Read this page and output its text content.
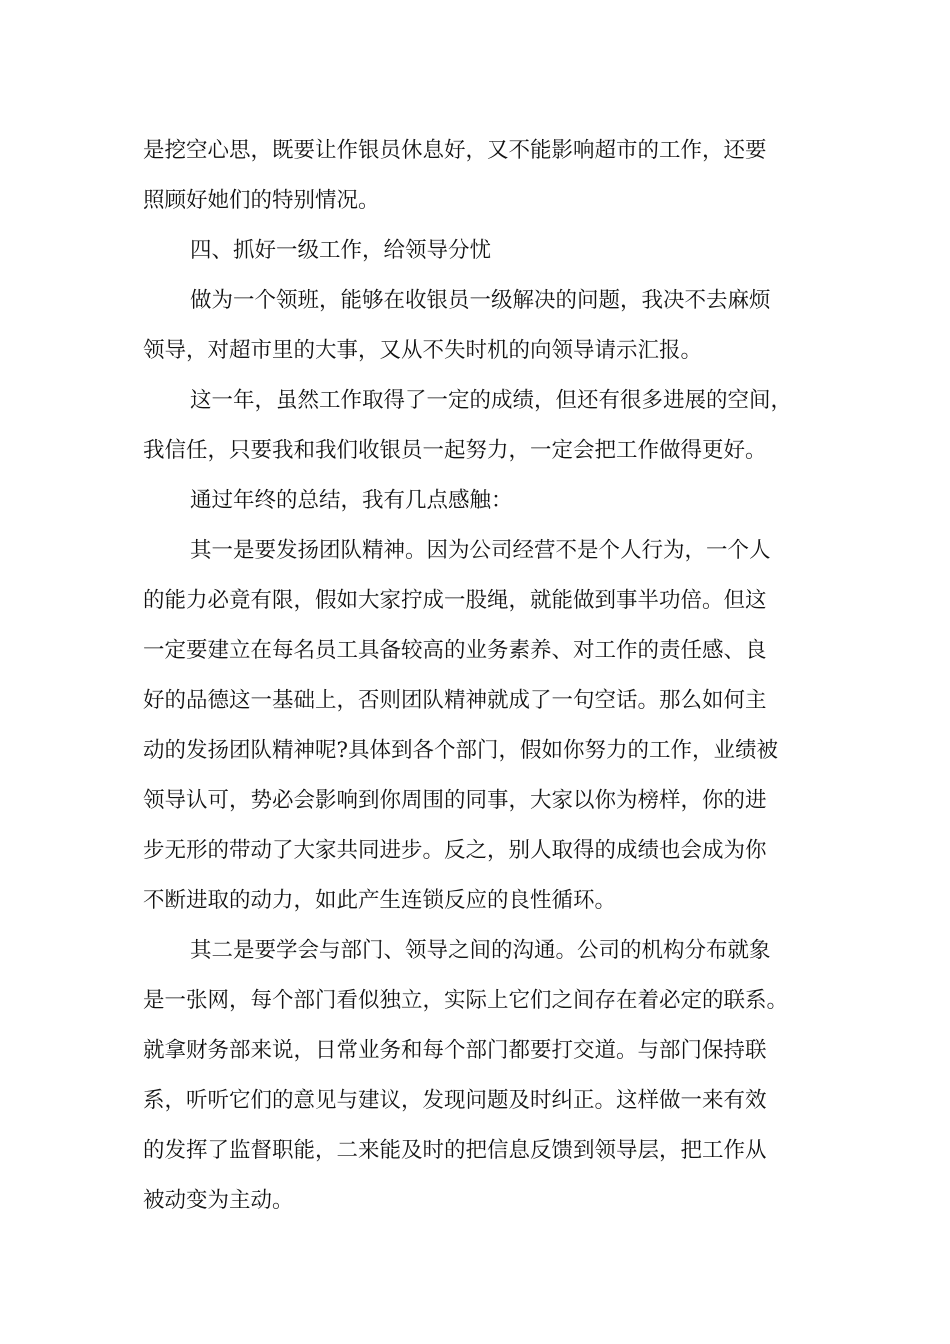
是挖空心思，既要让作银员休息好，又不能影响超市的工作，还要
照顾好她们的特别情况。
四、抓好一级工作，给领导分忧
做为一个领班，能够在收银员一级解决的问题，我决不去麻烦
领导，对超市里的大事，又从不失时机的向领导请示汇报。
这一年，虽然工作取得了一定的成绩，但还有很多进展的空间，
我信任，只要我和我们收银员一起努力，一定会把工作做得更好。
通过年终的总结，我有几点感触：
其一是要发扬团队精神。因为公司经营不是个人行为，一个人
的能力必竟有限，假如大家拧成一股绳，就能做到事半功倍。但这
一定要建立在每名员工具备较高的业务素养、对工作的责任感、良
好的品德这一基础上，否则团队精神就成了一句空话。那么如何主
动的发扬团队精神呢?具体到各个部门，假如你努力的工作，业绩被
领导认可，势必会影响到你周围的同事，大家以你为榜样，你的进
步无形的带动了大家共同进步。反之，别人取得的成绩也会成为你
不断进取的动力，如此产生连锁反应的良性循环。
其二是要学会与部门、领导之间的沟通。公司的机构分布就象
是一张网，每个部门看似独立，实际上它们之间存在着必定的联系。
就拿财务部来说，日常业务和每个部门都要打交道。与部门保持联
系，听听它们的意见与建议，发现问题及时纠正。这样做一来有效
的发挥了监督职能，二来能及时的把信息反馈到领导层，把工作从
被动变为主动。
